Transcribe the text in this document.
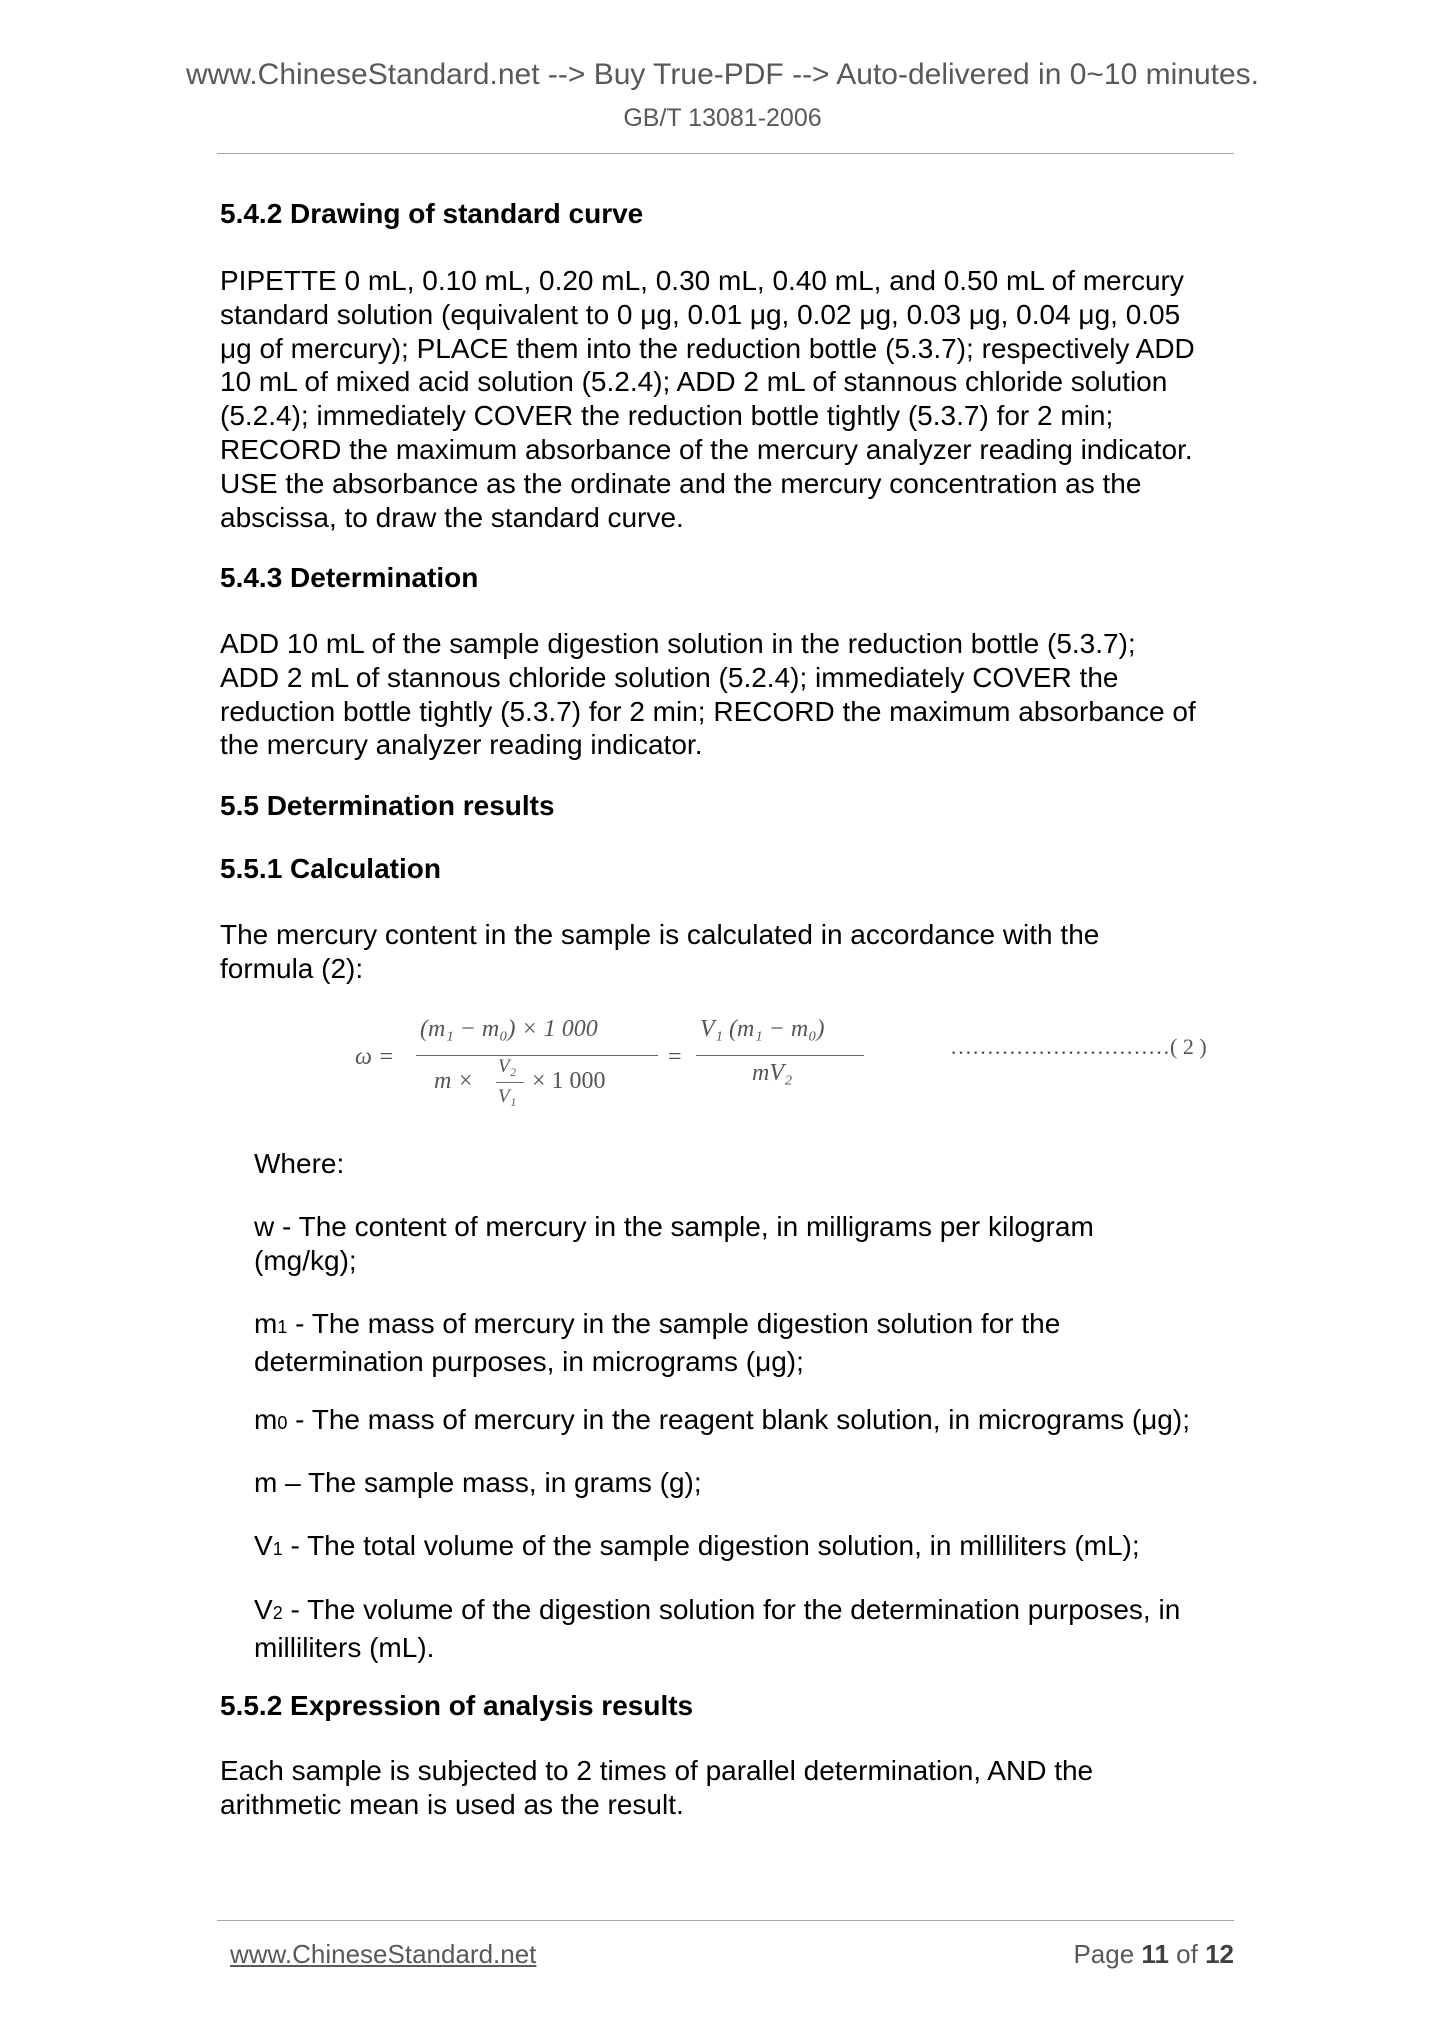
www.ChineseStandard.net --> Buy True-PDF --> Auto-delivered in 0~10 minutes.
GB/T 13081-2006
5.4.2 Drawing of standard curve
PIPETTE 0 mL, 0.10 mL, 0.20 mL, 0.30 mL, 0.40 mL, and 0.50 mL of mercury
standard solution (equivalent to 0 μg, 0.01 μg, 0.02 μg, 0.03 μg, 0.04 μg, 0.05
μg of mercury); PLACE them into the reduction bottle (5.3.7); respectively ADD
10 mL of mixed acid solution (5.2.4); ADD 2 mL of stannous chloride solution
(5.2.4); immediately COVER the reduction bottle tightly (5.3.7) for 2 min;
RECORD the maximum absorbance of the mercury analyzer reading indicator.
USE the absorbance as the ordinate and the mercury concentration as the
abscissa, to draw the standard curve.
5.4.3 Determination
ADD 10 mL of the sample digestion solution in the reduction bottle (5.3.7);
ADD 2 mL of stannous chloride solution (5.2.4); immediately COVER the
reduction bottle tightly (5.3.7) for 2 min; RECORD the maximum absorbance of
the mercury analyzer reading indicator.
5.5 Determination results
5.5.1 Calculation
The mercury content in the sample is calculated in accordance with the
formula (2):
ω =
(m₁ − m₀) × 1 000
m ×
V₂
V₁
× 1 000
=
V₁ (m₁ − m₀)
mV₂
…………………………( 2 )
Where:
w - The content of mercury in the sample, in milligrams per kilogram
(mg/kg);
m1 - The mass of mercury in the sample digestion solution for the
determination purposes, in micrograms (μg);
m0 - The mass of mercury in the reagent blank solution, in micrograms (μg);
m – The sample mass, in grams (g);
V1 - The total volume of the sample digestion solution, in milliliters (mL);
V2 - The volume of the digestion solution for the determination purposes, in
milliliters (mL).
5.5.2 Expression of analysis results
Each sample is subjected to 2 times of parallel determination, AND the
arithmetic mean is used as the result.
www.ChineseStandard.net	Page 11 of 12
